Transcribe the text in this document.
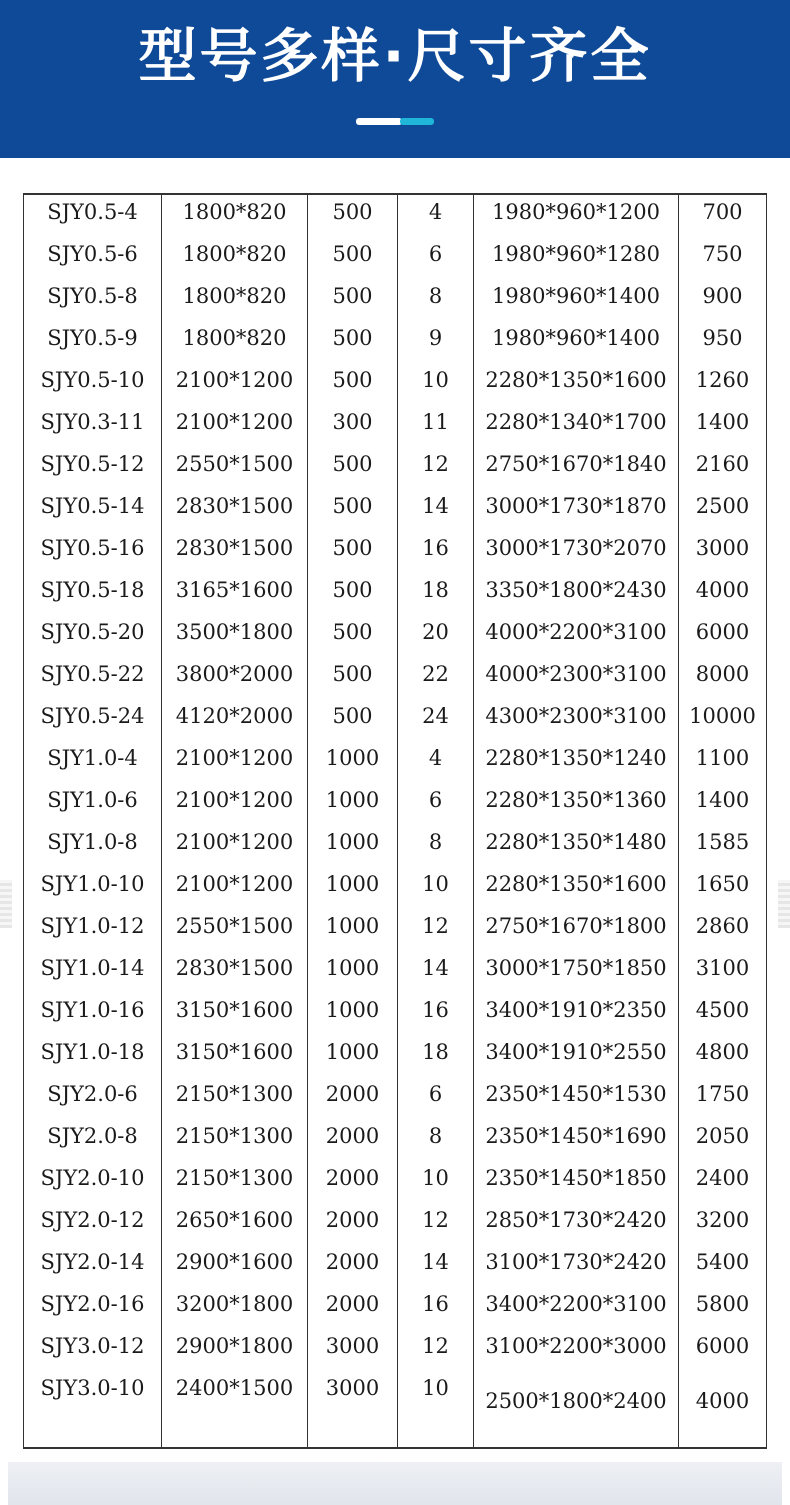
型号多样·尺寸齐全
SJY0.5-4	1800*820	500	4	1980*960*1200	700
SJY0.5-6	1800*820	500	6	1980*960*1280	750
SJY0.5-8	1800*820	500	8	1980*960*1400	900
SJY0.5-9	1800*820	500	9	1980*960*1400	950
SJY0.5-10	2100*1200	500	10	2280*1350*1600	1260
SJY0.3-11	2100*1200	300	11	2280*1340*1700	1400
SJY0.5-12	2550*1500	500	12	2750*1670*1840	2160
SJY0.5-14	2830*1500	500	14	3000*1730*1870	2500
SJY0.5-16	2830*1500	500	16	3000*1730*2070	3000
SJY0.5-18	3165*1600	500	18	3350*1800*2430	4000
SJY0.5-20	3500*1800	500	20	4000*2200*3100	6000
SJY0.5-22	3800*2000	500	22	4000*2300*3100	8000
SJY0.5-24	4120*2000	500	24	4300*2300*3100	10000
SJY1.0-4	2100*1200	1000	4	2280*1350*1240	1100
SJY1.0-6	2100*1200	1000	6	2280*1350*1360	1400
SJY1.0-8	2100*1200	1000	8	2280*1350*1480	1585
SJY1.0-10	2100*1200	1000	10	2280*1350*1600	1650
SJY1.0-12	2550*1500	1000	12	2750*1670*1800	2860
SJY1.0-14	2830*1500	1000	14	3000*1750*1850	3100
SJY1.0-16	3150*1600	1000	16	3400*1910*2350	4500
SJY1.0-18	3150*1600	1000	18	3400*1910*2550	4800
SJY2.0-6	2150*1300	2000	6	2350*1450*1530	1750
SJY2.0-8	2150*1300	2000	8	2350*1450*1690	2050
SJY2.0-10	2150*1300	2000	10	2350*1450*1850	2400
SJY2.0-12	2650*1600	2000	12	2850*1730*2420	3200
SJY2.0-14	2900*1600	2000	14	3100*1730*2420	5400
SJY2.0-16	3200*1800	2000	16	3400*2200*3100	5800
SJY3.0-12	2900*1800	3000	12	3100*2200*3000	6000
SJY3.0-10	2400*1500	3000	10	2500*1800*2400	4000
